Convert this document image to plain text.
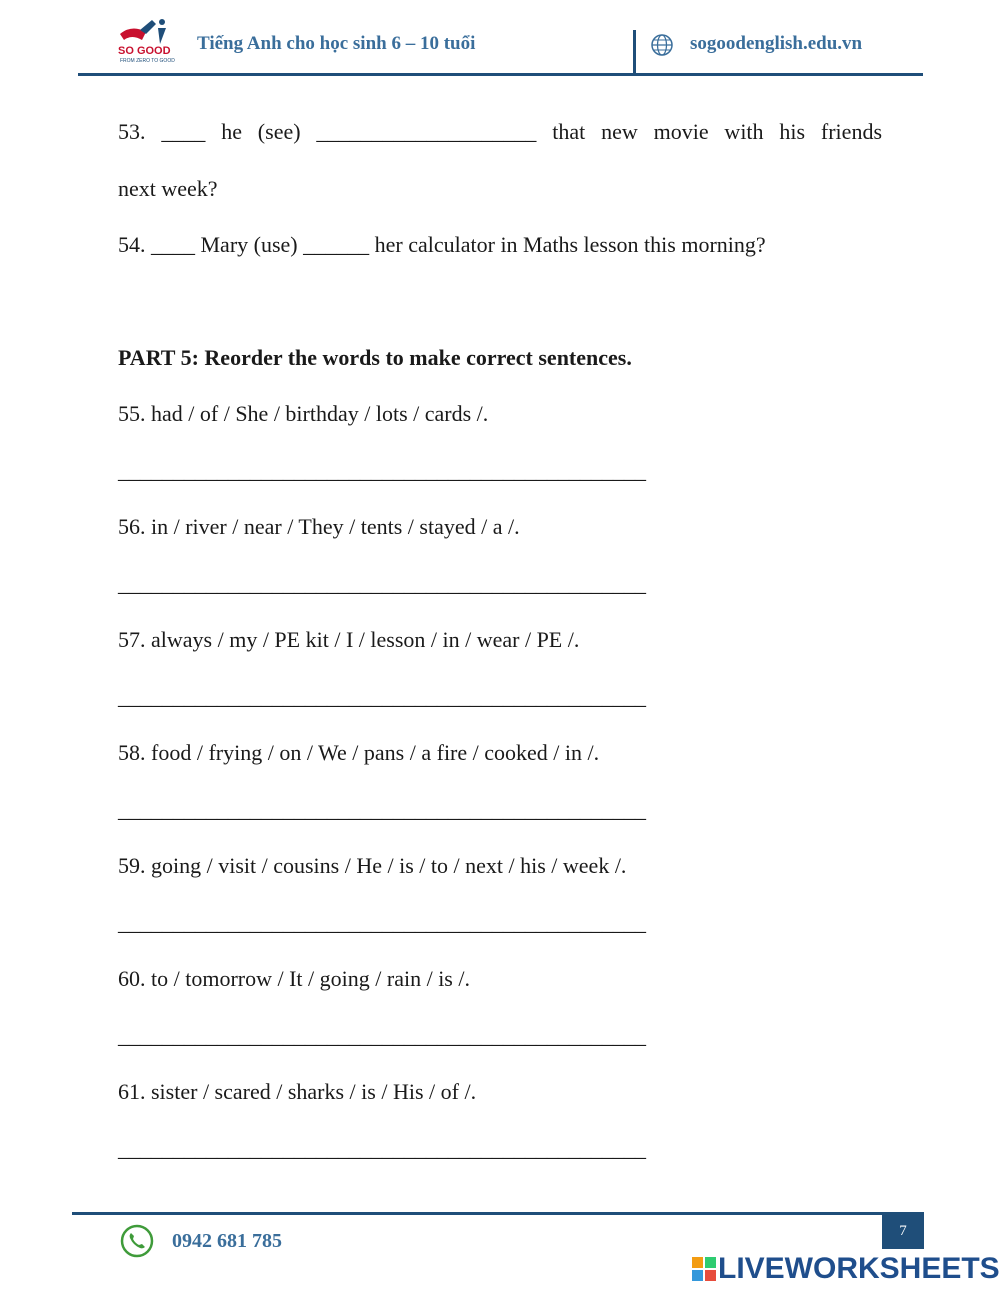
SO GOOD
FROM ZERO TO GOOD
Tiếng Anh cho học sinh 6 – 10 tuổi	sogoodenglish.edu.vn
53. ____ he (see) ____________________ that new movie with his friends
next week?
54. ____ Mary (use) ______ her calculator in Maths lesson this morning?
PART 5: Reorder the words to make correct sentences.
55. had / of / She / birthday / lots / cards /.
________________________________________________
56. in / river / near / They / tents / stayed / a /.
________________________________________________
57. always / my / PE kit / I / lesson / in / wear / PE /.
________________________________________________
58. food / frying / on / We / pans / a fire / cooked / in /.
________________________________________________
59. going / visit / cousins / He / is / to / next / his / week /.
________________________________________________
60. to / tomorrow / It / going / rain / is /.
________________________________________________
61. sister / scared / sharks / is / His / of /.
________________________________________________
7
0942 681 785
LIVEWORKSHEETS
